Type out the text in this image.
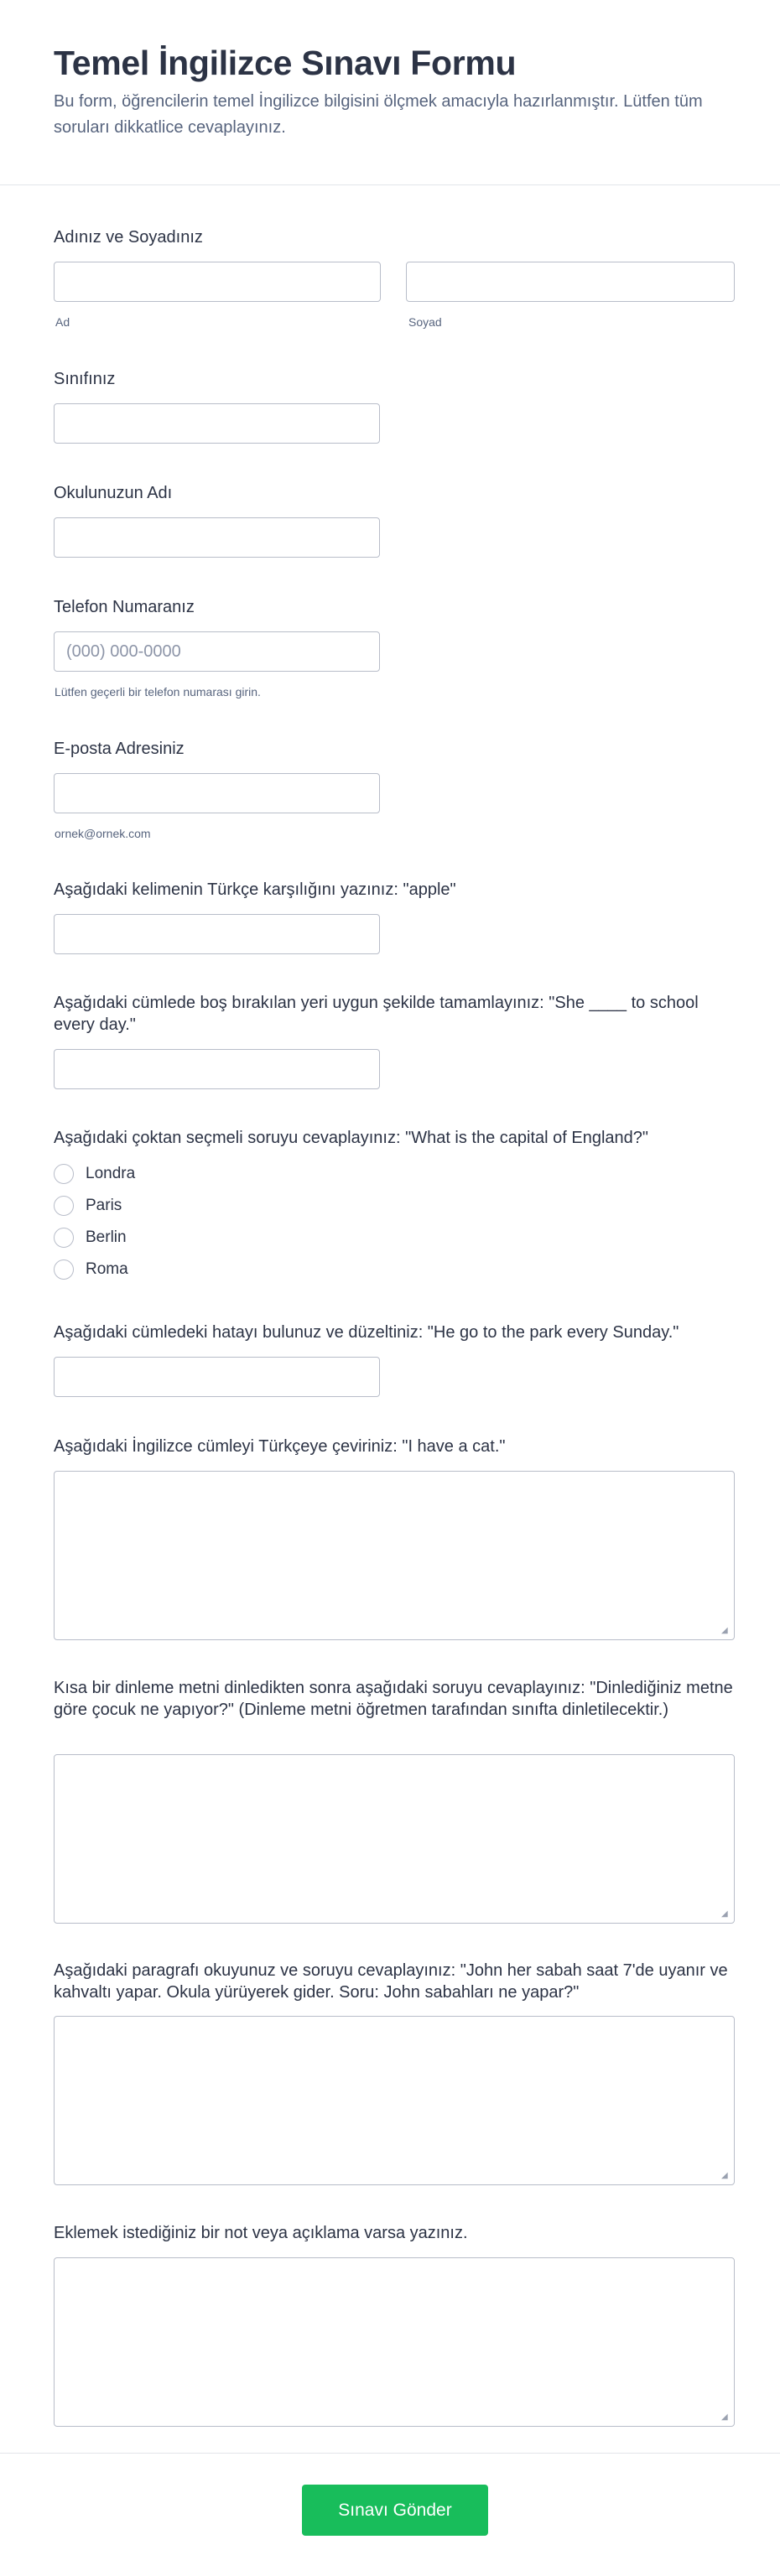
Temel İngilizce Sınavı Formu

Bu form, öğrencilerin temel İngilizce bilgisini ölçmek amacıyla hazırlanmıştır. Lütfen tüm soruları dikkatlice cevaplayınız.

Adınız ve Soyadınız
Ad	Soyad
Sınıfınız
Okulunuzun Adı
Telefon Numaranız
(000) 000-0000
Lütfen geçerli bir telefon numarası girin.
E-posta Adresiniz
ornek@ornek.com
Aşağıdaki kelimenin Türkçe karşılığını yazınız: "apple"
Aşağıdaki cümlede boş bırakılan yeri uygun şekilde tamamlayınız: "She ____ to school every day."
Aşağıdaki çoktan seçmeli soruyu cevaplayınız: "What is the capital of England?"
Londra
Paris
Berlin
Roma
Aşağıdaki cümledeki hatayı bulunuz ve düzeltiniz: "He go to the park every Sunday."
Aşağıdaki İngilizce cümleyi Türkçeye çeviriniz: "I have a cat."
◢
Kısa bir dinleme metni dinledikten sonra aşağıdaki soruyu cevaplayınız: "Dinlediğiniz metne göre çocuk ne yapıyor?" (Dinleme metni öğretmen tarafından sınıfta dinletilecektir.)
◢
Aşağıdaki paragrafı okuyunuz ve soruyu cevaplayınız: "John her sabah saat 7'de uyanır ve kahvaltı yapar. Okula yürüyerek gider. Soru: John sabahları ne yapar?"
◢
Eklemek istediğiniz bir not veya açıklama varsa yazınız.
◢
Sınavı Gönder
